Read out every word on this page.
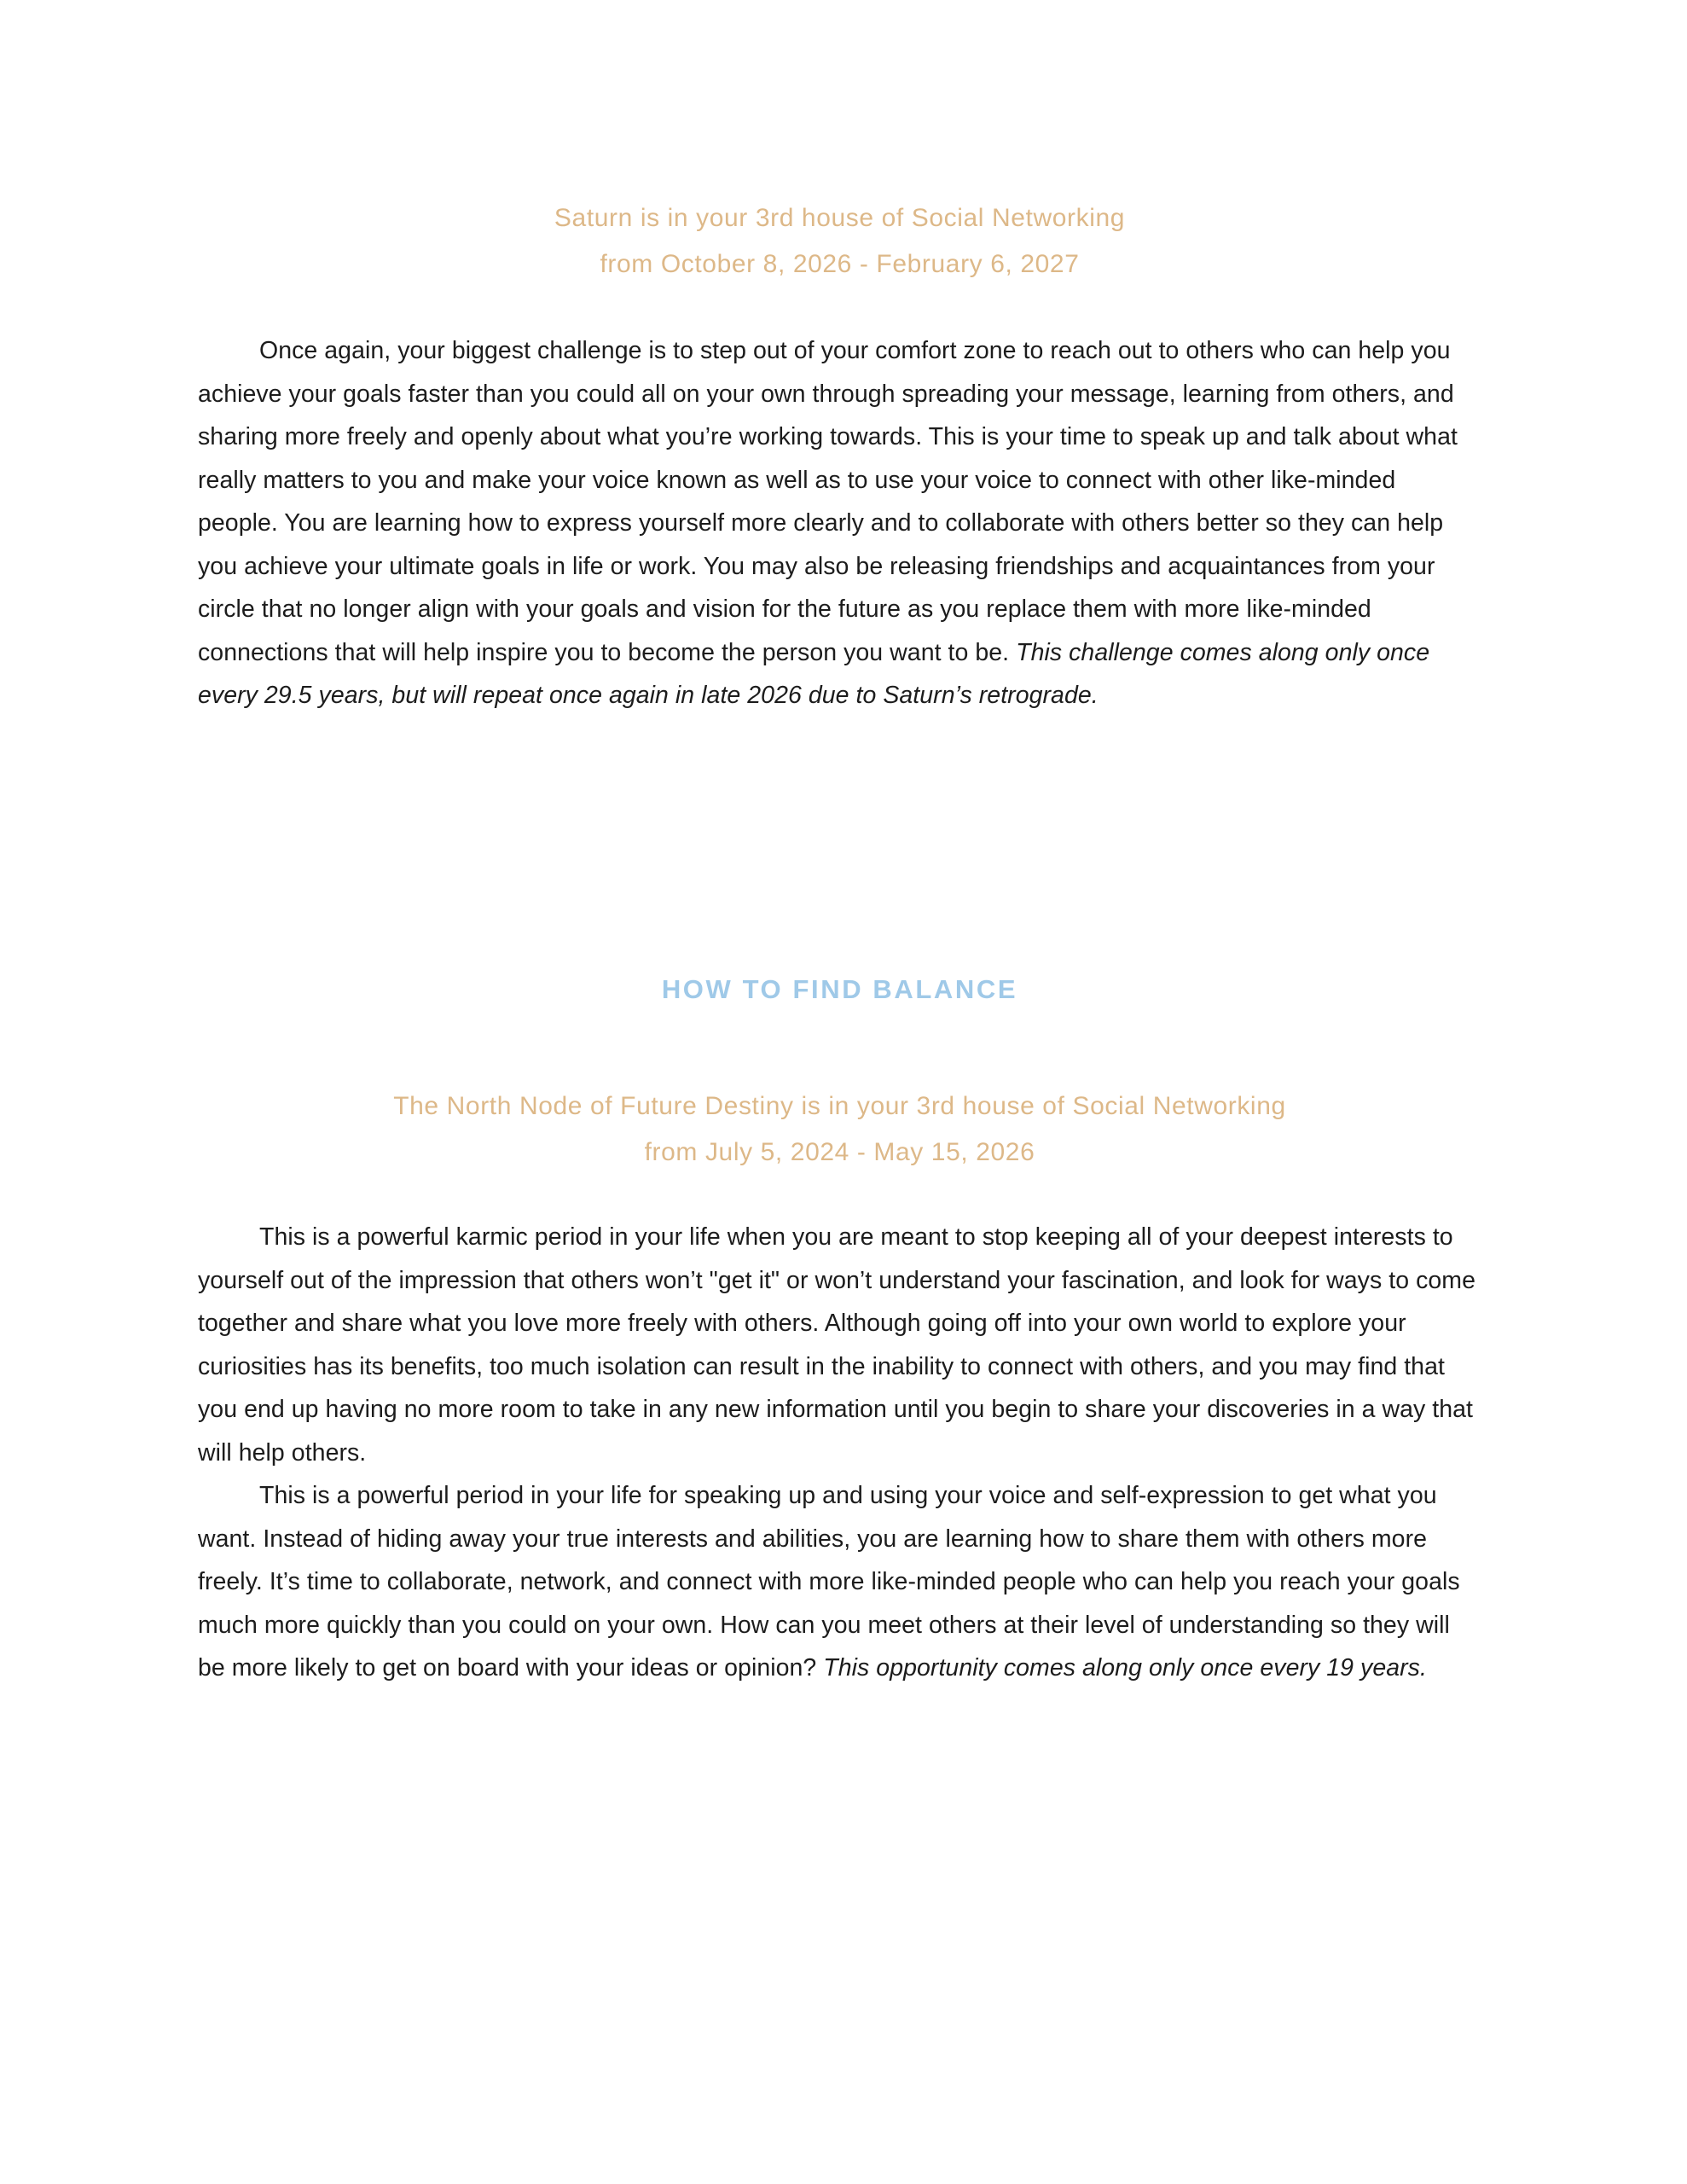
Saturn is in your 3rd house of Social Networking
from October 8, 2026 - February 6, 2027

Once again, your biggest challenge is to step out of your comfort zone to reach out to others who can help you achieve your goals faster than you could all on your own through spreading your message, learning from others, and sharing more freely and openly about what you’re working towards. This is your time to speak up and talk about what really matters to you and make your voice known as well as to use your voice to connect with other like-minded people. You are learning how to express yourself more clearly and to collaborate with others better so they can help you achieve your ultimate goals in life or work. You may also be releasing friendships and acquaintances from your circle that no longer align with your goals and vision for the future as you replace them with more like-minded connections that will help inspire you to become the person you want to be. This challenge comes along only once every 29.5 years, but will repeat once again in late 2026 due to Saturn’s retrograde.

HOW TO FIND BALANCE
The North Node of Future Destiny is in your 3rd house of Social Networking
from July 5, 2024 - May 15, 2026

This is a powerful karmic period in your life when you are meant to stop keeping all of your deepest interests to yourself out of the impression that others won’t "get it" or won’t understand your fascination, and look for ways to come together and share what you love more freely with others. Although going off into your own world to explore your curiosities has its benefits, too much isolation can result in the inability to connect with others, and you may find that you end up having no more room to take in any new information until you begin to share your discoveries in a way that will help others.

This is a powerful period in your life for speaking up and using your voice and self-expression to get what you want. Instead of hiding away your true interests and abilities, you are learning how to share them with others more freely. It’s time to collaborate, network, and connect with more like-minded people who can help you reach your goals much more quickly than you could on your own. How can you meet others at their level of understanding so they will be more likely to get on board with your ideas or opinion? This opportunity comes along only once every 19 years.
